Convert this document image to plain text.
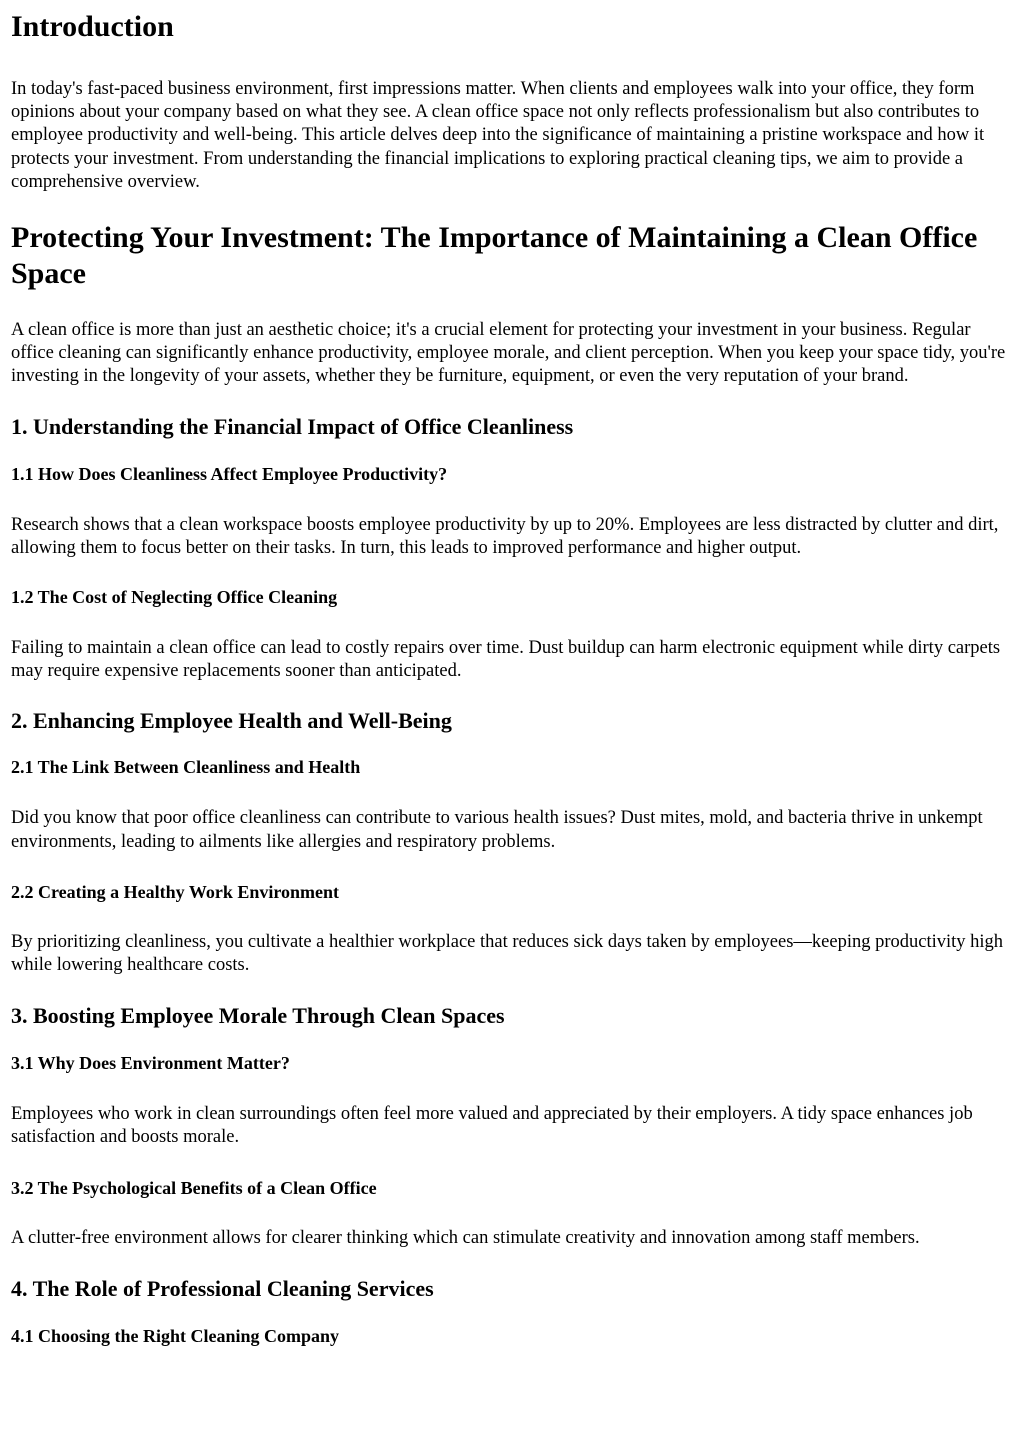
Introduction

In today's fast-paced business environment, first impressions matter. When clients and employees walk into your office, they form opinions about your company based on what they see. A clean office space not only reflects professionalism but also contributes to employee productivity and well-being. This article delves deep into the significance of maintaining a pristine workspace and how it protects your investment. From understanding the financial implications to exploring practical cleaning tips, we aim to provide a comprehensive overview.

Protecting Your Investment: The Importance of Maintaining a Clean Office Space

A clean office is more than just an aesthetic choice; it's a crucial element for protecting your investment in your business. Regular office cleaning can significantly enhance productivity, employee morale, and client perception. When you keep your space tidy, you're investing in the longevity of your assets, whether they be furniture, equipment, or even the very reputation of your brand.

1. Understanding the Financial Impact of Office Cleanliness
1.1 How Does Cleanliness Affect Employee Productivity?

Research shows that a clean workspace boosts employee productivity by up to 20%. Employees are less distracted by clutter and dirt, allowing them to focus better on their tasks. In turn, this leads to improved performance and higher output.

1.2 The Cost of Neglecting Office Cleaning

Failing to maintain a clean office can lead to costly repairs over time. Dust buildup can harm electronic equipment while dirty carpets may require expensive replacements sooner than anticipated.

2. Enhancing Employee Health and Well-Being
2.1 The Link Between Cleanliness and Health

Did you know that poor office cleanliness can contribute to various health issues? Dust mites, mold, and bacteria thrive in unkempt environments, leading to ailments like allergies and respiratory problems.

2.2 Creating a Healthy Work Environment

By prioritizing cleanliness, you cultivate a healthier workplace that reduces sick days taken by employees—keeping productivity high while lowering healthcare costs.

3. Boosting Employee Morale Through Clean Spaces
3.1 Why Does Environment Matter?

Employees who work in clean surroundings often feel more valued and appreciated by their employers. A tidy space enhances job satisfaction and boosts morale.

3.2 The Psychological Benefits of a Clean Office

A clutter-free environment allows for clearer thinking which can stimulate creativity and innovation among staff members.

4. The Role of Professional Cleaning Services
4.1 Choosing the Right Cleaning Company
